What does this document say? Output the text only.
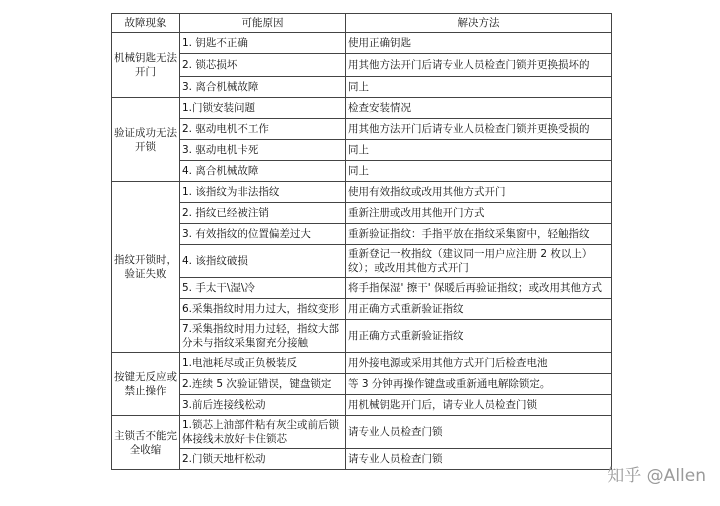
故障现象	可能原因	解决方法
机械钥匙无法 开门	1. 钥匙不正确	使用正确钥匙
	2. 锁芯损坏	用其他方法开门后请专业人员检查门锁并更换损坏的
	3. 离合机械故障	同上
验证成功无法 开锁	1.门锁安装问题	检查安装情况
	2. 驱动电机不工作	用其他方法开门后请专业人员检查门锁并更换受损的
	3. 驱动电机卡死	同上
	4. 离合机械故障	同上
指纹开锁时，验证失败	1. 该指纹为非法指纹	使用有效指纹或改用其他方式开门
	2. 指纹已经被注销	重新注册或改用其他开门方式
	3. 有效指纹的位置偏差过大	重新验证指纹：手指平放在指纹采集窗中，轻触指纹
	4. 该指纹破损	重新登记一枚指纹（建议同一用户应注册 2 枚以上）纹）；或改用其他方式开门
	5. 手太干\湿\冷	将手指保湿' 擦干' 保暖后再验证指纹；或改用其他方式
	6.采集指纹时用力过大，指纹变形	用正确方式重新验证指纹
	7.采集指纹时用力过轻，指纹大部分未与指纹采集窗充分接触	用正确方式重新验证指纹
按键无反应或 禁止操作	1.电池耗尽或正负极装反	用外接电源或采用其他方式开门后检查电池
	2.连续 5 次验证错误，键盘锁定	等 3 分钟再操作键盘或重新通电解除锁定。
	3.前后连接线松动	用机械钥匙开门后，请专业人员检查门锁
主锁舌不能完全收缩	1.锁芯上油部件粘有灰尘或前后锁体接线未放好卡住锁芯	请专业人员检查门锁
	2.门锁天地杆松动	请专业人员检查门锁
知乎 @Allen
